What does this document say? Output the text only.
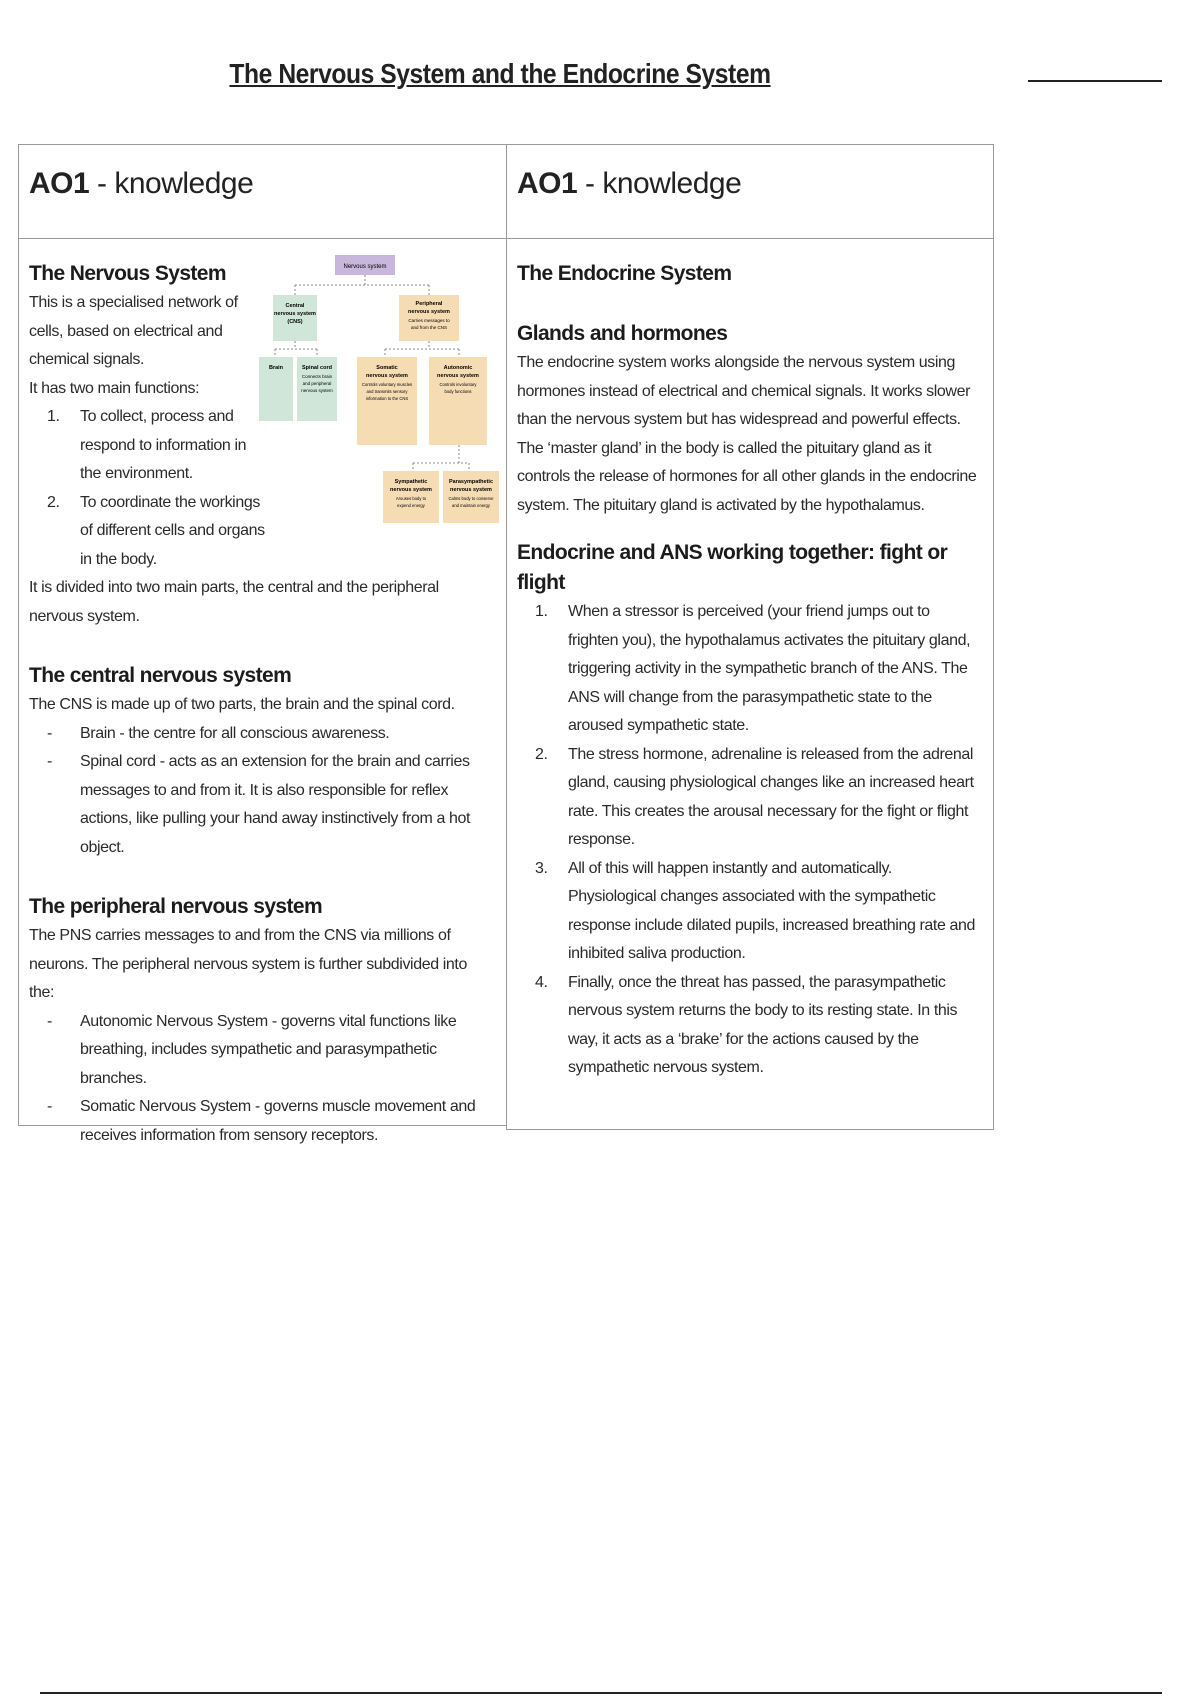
The Nervous System and the Endocrine System
AO1 - knowledge
The Nervous System

This is a specialised network of cells, based on electrical and chemical signals.

It has two main functions:

1. To collect, process and respond to information in the environment.
2. To coordinate the workings of different cells and organs in the body.

It is divided into two main parts, the central and the peripheral nervous system.

The central nervous system

The CNS is made up of two parts, the brain and the spinal cord.

- Brain - the centre for all conscious awareness.
- Spinal cord - acts as an extension for the brain and carries messages to and from it. It is also responsible for reflex actions, like pulling your hand away instinctively from a hot object.
The peripheral nervous system

The PNS carries messages to and from the CNS via millions of neurons. The peripheral nervous system is further subdivided into the:

- Autonomic Nervous System - governs vital functions like breathing, includes sympathetic and parasympathetic branches.
- Somatic Nervous System - governs muscle movement and receives information from sensory receptors.
Nervous system
Central
nervous system
(CNS)
Peripheral
nervous system
Carries messages to
and from the CNS
Brain	Spinal cord
Connects brain
and peripheral
nervous system
Somatic
nervous system
Controls voluntary muscles
and transmits sensory
information to the CNS
Autonomic
nervous system
Controls involuntary
body functions
Sympathetic
nervous system
Arouses body to
expend energy
Parasympathetic
nervous system
Calms body to conserve
and maintain energy
AO1 - knowledge
The Endocrine System
Glands and hormones

The endocrine system works alongside the nervous system using hormones instead of electrical and chemical signals. It works slower than the nervous system but has widespread and powerful effects.

The ‘master gland’ in the body is called the pituitary gland as it controls the release of hormones for all other glands in the endocrine system. The pituitary gland is activated by the hypothalamus.

Endocrine and ANS working together: fight or flight
1. When a stressor is perceived (your friend jumps out to frighten you), the hypothalamus activates the pituitary gland, triggering activity in the sympathetic branch of the ANS. The ANS will change from the parasympathetic state to the aroused sympathetic state.
2. The stress hormone, adrenaline is released from the adrenal gland, causing physiological changes like an increased heart rate. This creates the arousal necessary for the fight or flight response.
3. All of this will happen instantly and automatically. Physiological changes associated with the sympathetic response include dilated pupils, increased breathing rate and inhibited saliva production.
4. Finally, once the threat has passed, the parasympathetic nervous system returns the body to its resting state. In this way, it acts as a ‘brake’ for the actions caused by the sympathetic nervous system.
